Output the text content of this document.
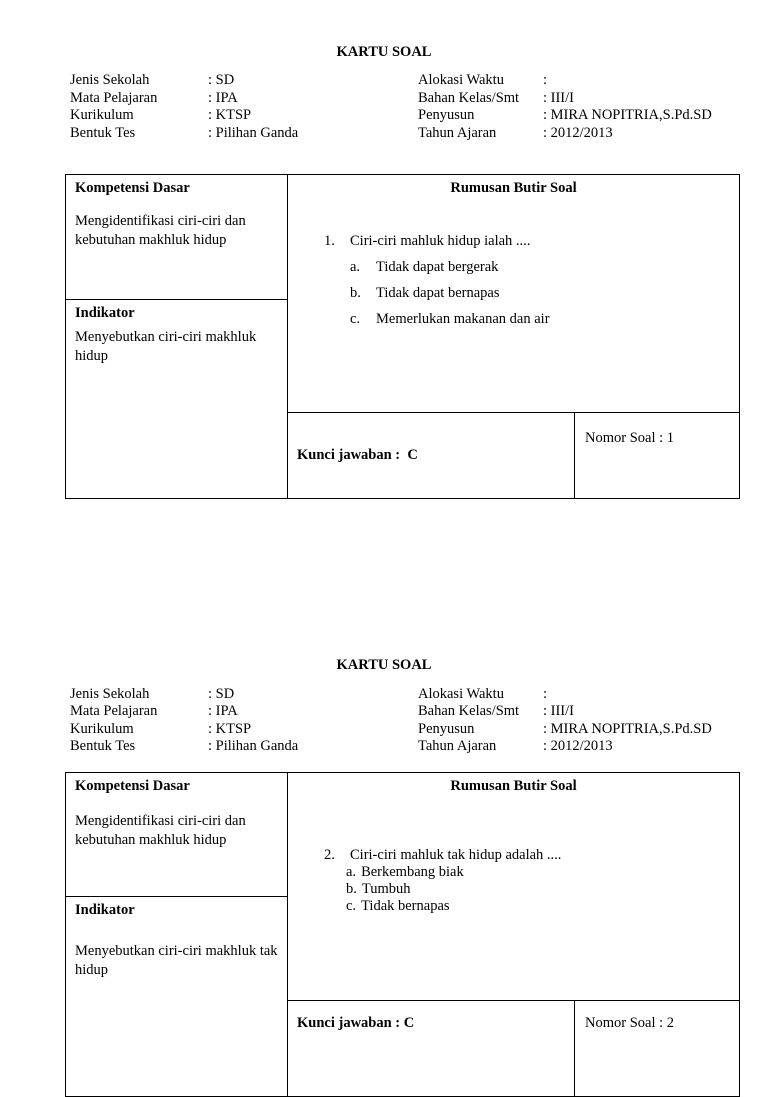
KARTU SOAL
Jenis Sekolah	: SD
Mata Pelajaran	: IPA
Kurikulum	: KTSP
Bentuk Tes	: Pilihan Ganda
Alokasi Waktu	:
Bahan Kelas/Smt	: III/I
Penyusun	: MIRA NOPITRIA,S.Pd.SD
Tahun Ajaran	: 2012/2013
Kompetensi Dasar
Mengidentifikasi ciri-ciri dan kebutuhan makhluk hidup
Indikator
Menyebutkan ciri-ciri makhluk hidup
Rumusan Butir Soal
1.	Ciri-ciri mahluk hidup ialah ....
a.	Tidak dapat bergerak
b.	Tidak dapat bernapas
c.	Memerlukan makanan dan air
Kunci jawaban :  C
Nomor Soal : 1
KARTU SOAL
Jenis Sekolah	: SD
Mata Pelajaran	: IPA
Kurikulum	: KTSP
Bentuk Tes	: Pilihan Ganda
Alokasi Waktu	:
Bahan Kelas/Smt	: III/I
Penyusun	: MIRA NOPITRIA,S.Pd.SD
Tahun Ajaran	: 2012/2013
Kompetensi Dasar
Mengidentifikasi ciri-ciri dan kebutuhan makhluk hidup
Indikator
Menyebutkan ciri-ciri makhluk tak hidup
Rumusan Butir Soal
2.	Ciri-ciri mahluk tak hidup adalah ....
a. Berkembang biak
b. Tumbuh
c. Tidak bernapas
Kunci jawaban : C	Nomor Soal : 2
